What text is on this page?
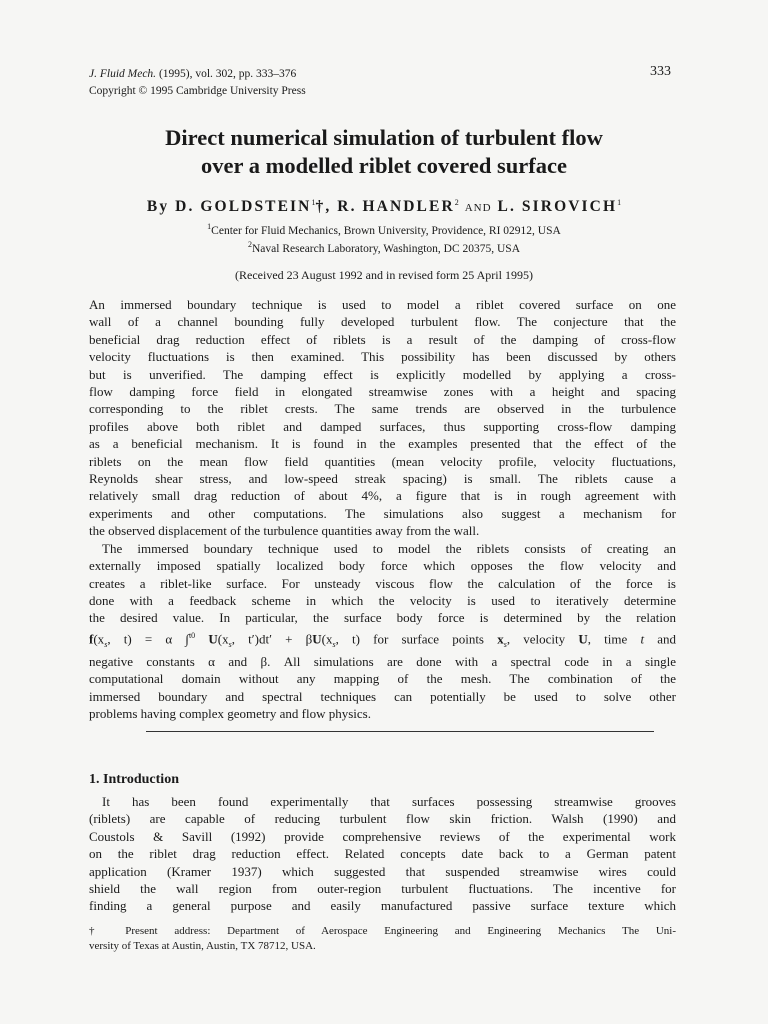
J. Fluid Mech. (1995), vol. 302, pp. 333–376
Copyright © 1995 Cambridge University Press
333
Direct numerical simulation of turbulent flow
over a modelled riblet covered surface
By D. GOLDSTEIN$^1$†, R. HANDLER$^2$ AND L. SIROVICH$^1$
$^1$Center for Fluid Mechanics, Brown University, Providence, RI 02912, USA
$^2$Naval Research Laboratory, Washington, DC 20375, USA
(Received 23 August 1992 and in revised form 25 April 1995)

An immersed boundary technique is used to model a riblet covered surface on one
wall of a channel bounding fully developed turbulent flow. The conjecture that the
beneficial drag reduction effect of riblets is a result of the damping of cross-flow
velocity fluctuations is then examined. This possibility has been discussed by others
but is unverified. The damping effect is explicitly modelled by applying a cross-
flow damping force field in elongated streamwise zones with a height and spacing
corresponding to the riblet crests. The same trends are observed in the turbulence
profiles above both riblet and damped surfaces, thus supporting cross-flow damping
as a beneficial mechanism. It is found in the examples presented that the effect of the
riblets on the mean flow field quantities (mean velocity profile, velocity fluctuations,
Reynolds shear stress, and low-speed streak spacing) is small. The riblets cause a
relatively small drag reduction of about 4%, a figure that is in rough agreement with
experiments and other computations. The simulations also suggest a mechanism for
the observed displacement of the turbulence quantities away from the wall.

The immersed boundary technique used to model the riblets consists of creating an
externally imposed spatially localized body force which opposes the flow velocity and
creates a riblet-like surface. For unsteady viscous flow the calculation of the force is
done with a feedback scheme in which the velocity is used to iteratively determine
the desired value. In particular, the surface body force is determined by the relation
$f(x_s$, t) = α ∫$^{t0}$ $U(x_s$, $t')dt' + \beta U(x_s$, t) for surface points $x_s$, velocity U, time t and
negative constants α and β. All simulations are done with a spectral code in a single
computational domain without any mapping of the mesh. The combination of the
immersed boundary and spectral techniques can potentially be used to solve other
problems having complex geometry and flow physics.

1. Introduction

It has been found experimentally that surfaces possessing streamwise grooves
(riblets) are capable of reducing turbulent flow skin friction. Walsh (1990) and
Coustols & Savill (1992) provide comprehensive reviews of the experimental work
on the riblet drag reduction effect. Related concepts date back to a German patent
application (Kramer 1937) which suggested that suspended streamwise wires could
shield the wall region from outer-region turbulent fluctuations. The incentive for
finding a general purpose and easily manufactured passive surface texture which

† Present address: Department of Aerospace Engineering and Engineering Mechanics The Uni-
versity of Texas at Austin, Austin, TX 78712, USA.
